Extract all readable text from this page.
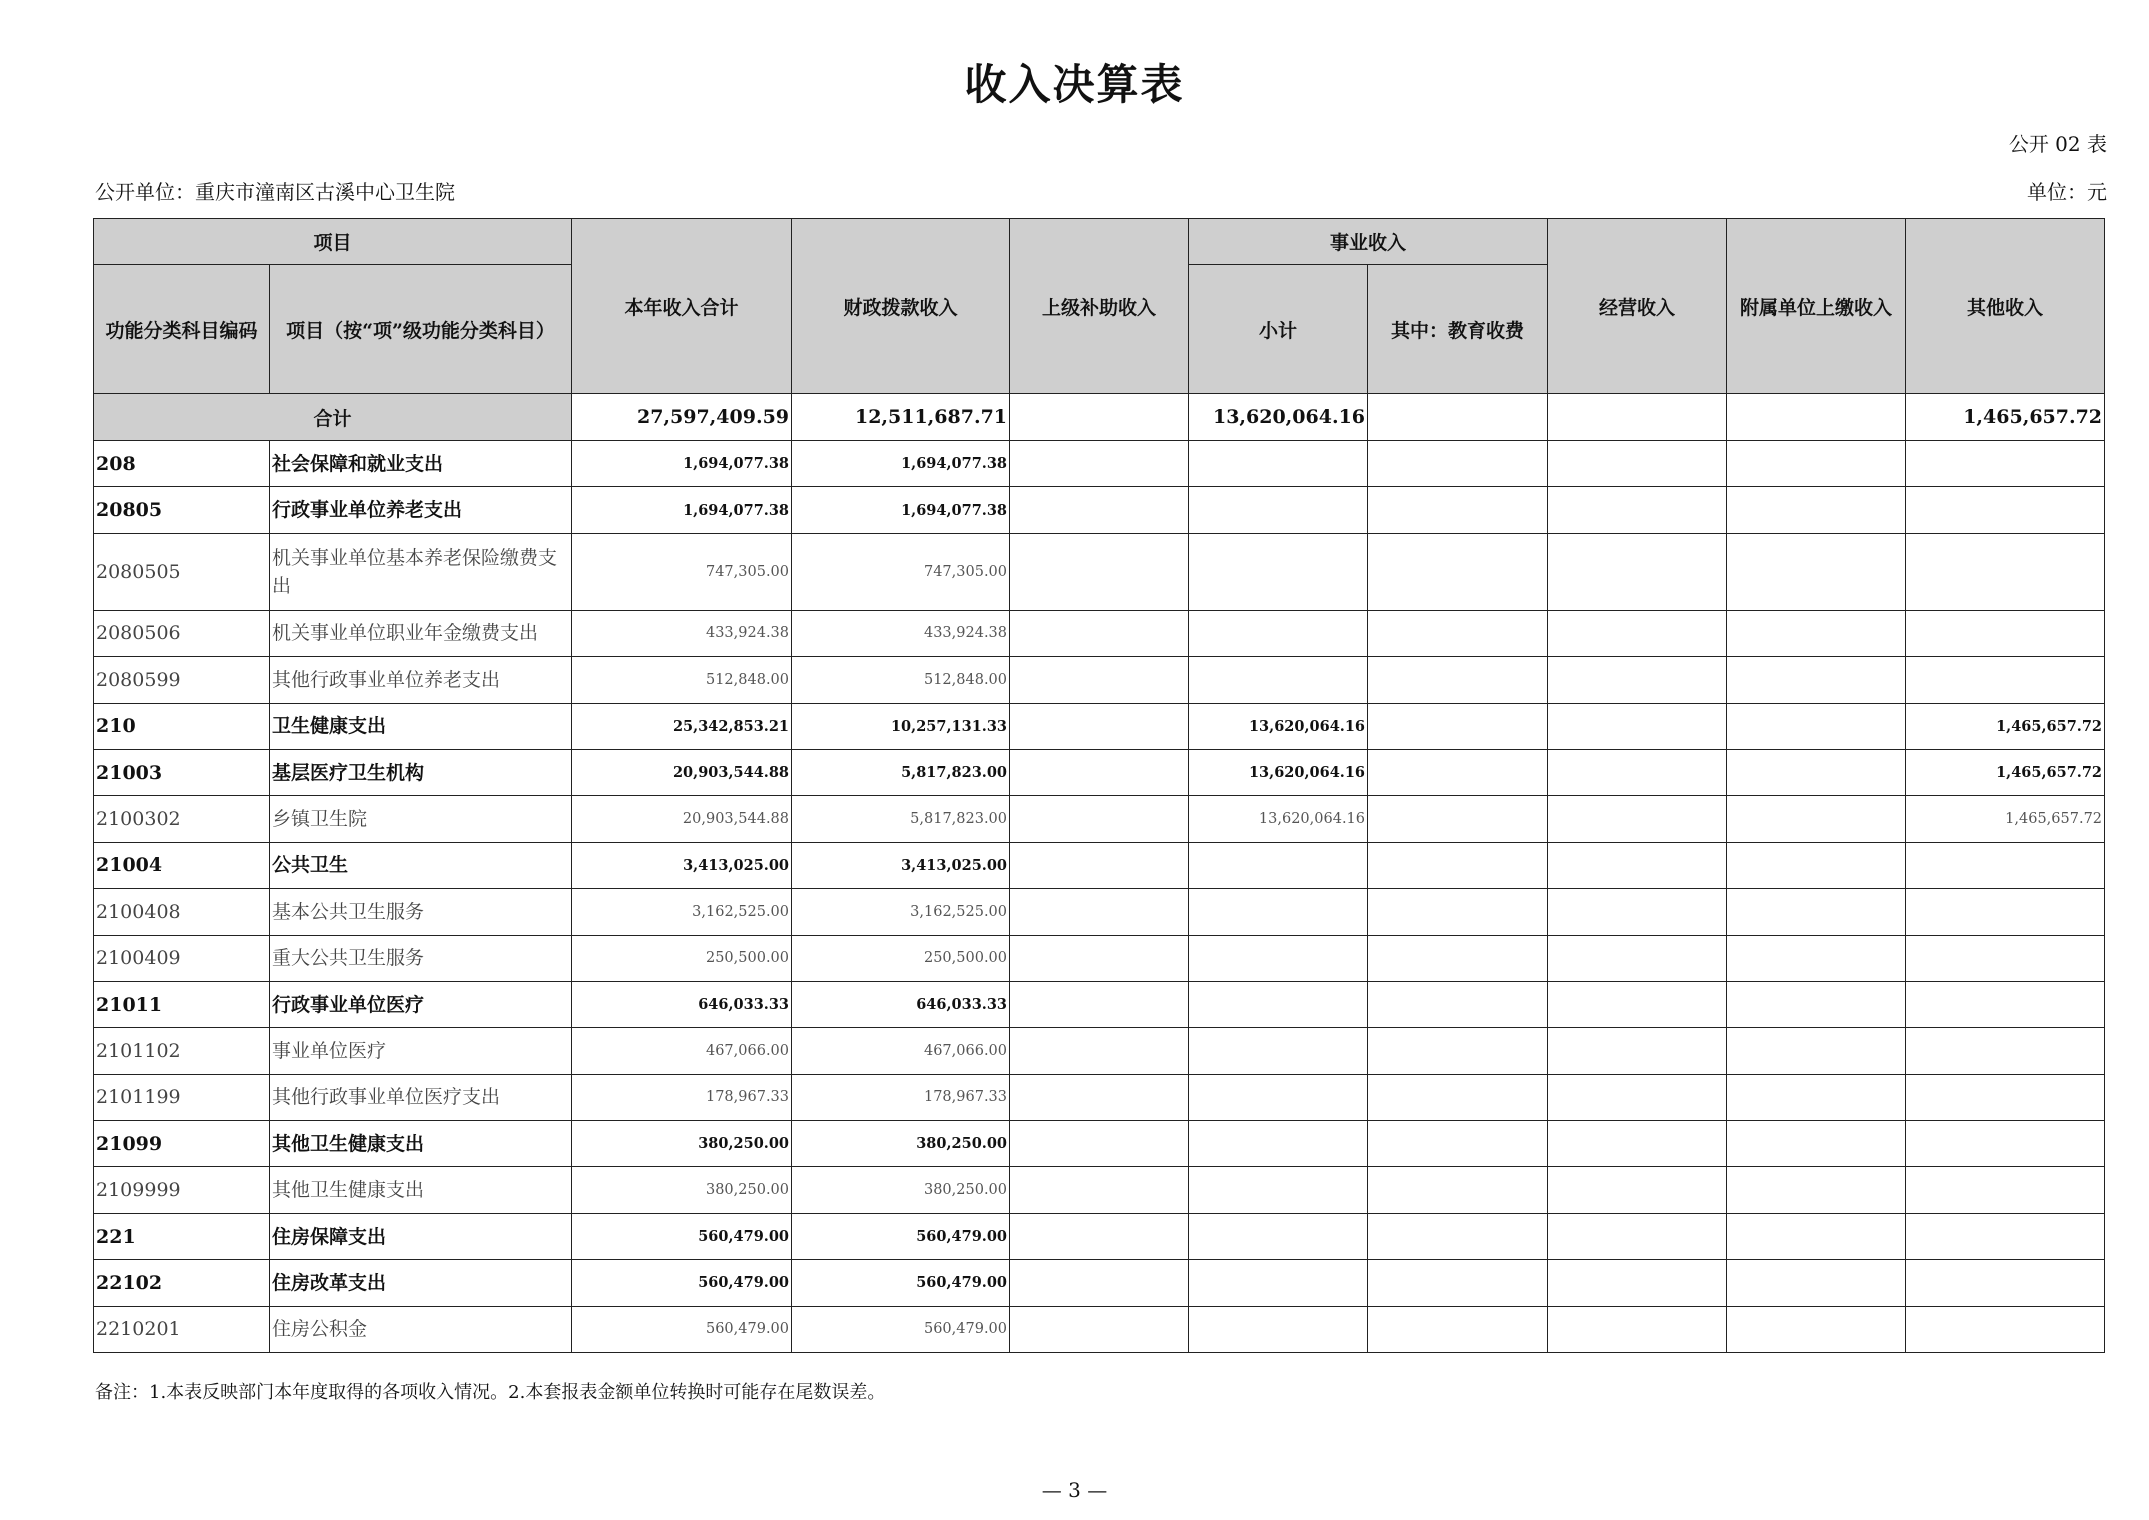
收入决算表
公开 02 表
公开单位：重庆市潼南区古溪中心卫生院	单位：元
项目		本年收入合计	财政拨款收入	上级补助收入	事业收入		经营收入	附属单位上缴收入	其他收入
功能分类科目编码	项目（按“项”级功能分类科目）				小计	其中：教育收费			
合计		27,597,409.59	12,511,687.71		13,620,064.16				1,465,657.72
208	社会保障和就业支出	1,694,077.38	1,694,077.38						
20805	行政事业单位养老支出	1,694,077.38	1,694,077.38						
2080505	机关事业单位基本养老保险缴费支出	747,305.00	747,305.00						
2080506	机关事业单位职业年金缴费支出	433,924.38	433,924.38						
2080599	其他行政事业单位养老支出	512,848.00	512,848.00						
210	卫生健康支出	25,342,853.21	10,257,131.33		13,620,064.16				1,465,657.72
21003	基层医疗卫生机构	20,903,544.88	5,817,823.00		13,620,064.16				1,465,657.72
2100302	乡镇卫生院	20,903,544.88	5,817,823.00		13,620,064.16				1,465,657.72
21004	公共卫生	3,413,025.00	3,413,025.00						
2100408	基本公共卫生服务	3,162,525.00	3,162,525.00						
2100409	重大公共卫生服务	250,500.00	250,500.00						
21011	行政事业单位医疗	646,033.33	646,033.33						
2101102	事业单位医疗	467,066.00	467,066.00						
2101199	其他行政事业单位医疗支出	178,967.33	178,967.33						
21099	其他卫生健康支出	380,250.00	380,250.00						
2109999	其他卫生健康支出	380,250.00	380,250.00						
221	住房保障支出	560,479.00	560,479.00						
22102	住房改革支出	560,479.00	560,479.00						
2210201	住房公积金	560,479.00	560,479.00						
备注：1.本表反映部门本年度取得的各项收入情况。2.本套报表金额单位转换时可能存在尾数误差。
— 3 —
